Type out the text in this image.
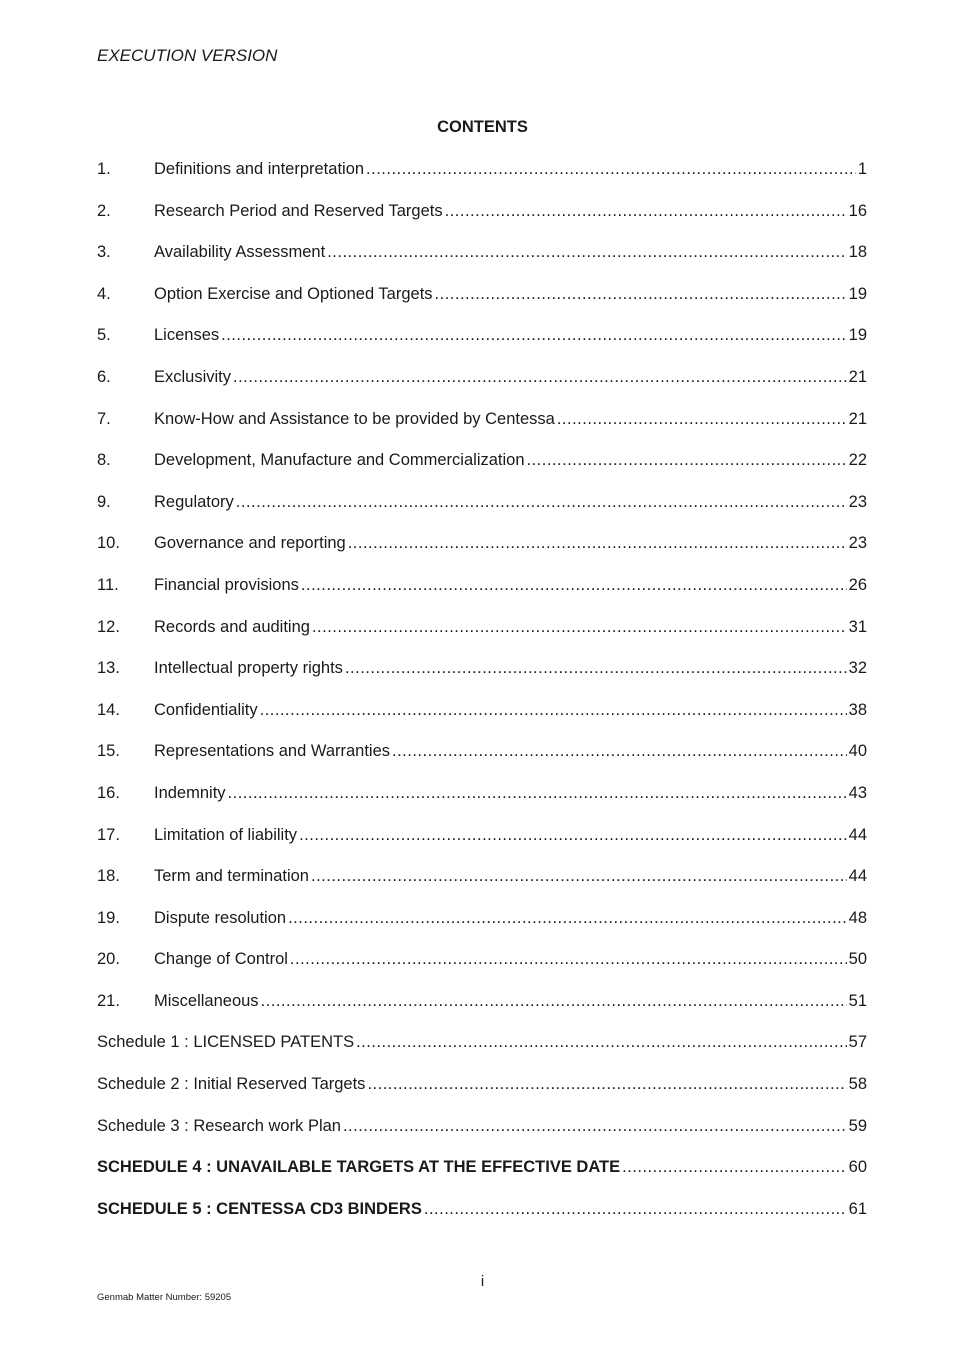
EXECUTION VERSION
CONTENTS
1.	Definitions and interpretation .....	1
2.	Research Period and Reserved Targets .....	16
3.	Availability Assessment .....	18
4.	Option Exercise and Optioned Targets .....	19
5.	Licenses .....	19
6.	Exclusivity .....	21
7.	Know-How and Assistance to be provided by Centessa .....	21
8.	Development, Manufacture and Commercialization .....	22
9.	Regulatory .....	23
10.	Governance and reporting .....	23
11.	Financial provisions .....	26
12.	Records and auditing .....	31
13.	Intellectual property rights .....	32
14.	Confidentiality .....	38
15.	Representations and Warranties .....	40
16.	Indemnity .....	43
17.	Limitation of liability .....	44
18.	Term and termination .....	44
19.	Dispute resolution .....	48
20.	Change of Control .....	50
21.	Miscellaneous .....	51
Schedule 1 : LICENSED PATENTS .....	57
Schedule 2 : Initial Reserved Targets .....	58
Schedule 3 : Research work Plan .....	59
SCHEDULE 4 : UNAVAILABLE TARGETS AT THE EFFECTIVE DATE .....	60
SCHEDULE 5 : CENTESSA CD3 BINDERS .....	61
i
Genmab Matter Number: 59205
